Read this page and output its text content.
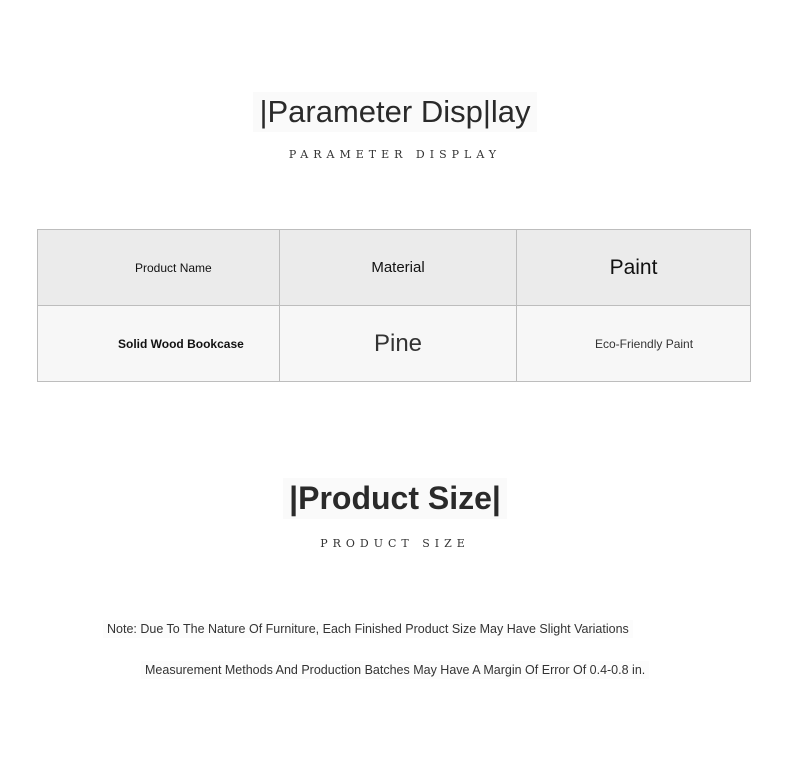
|Parameter Disp|lay
PARAMETER DISPLAY
Product Name	Material	Paint
Solid Wood Bookcase	Pine	Eco-Friendly Paint
|Product Size|
PRODUCT SIZE
Note: Due To The Nature Of Furniture, Each Finished Product Size May Have Slight Variations
Measurement Methods And Production Batches May Have A Margin Of Error Of 0.4-0.8 in.
